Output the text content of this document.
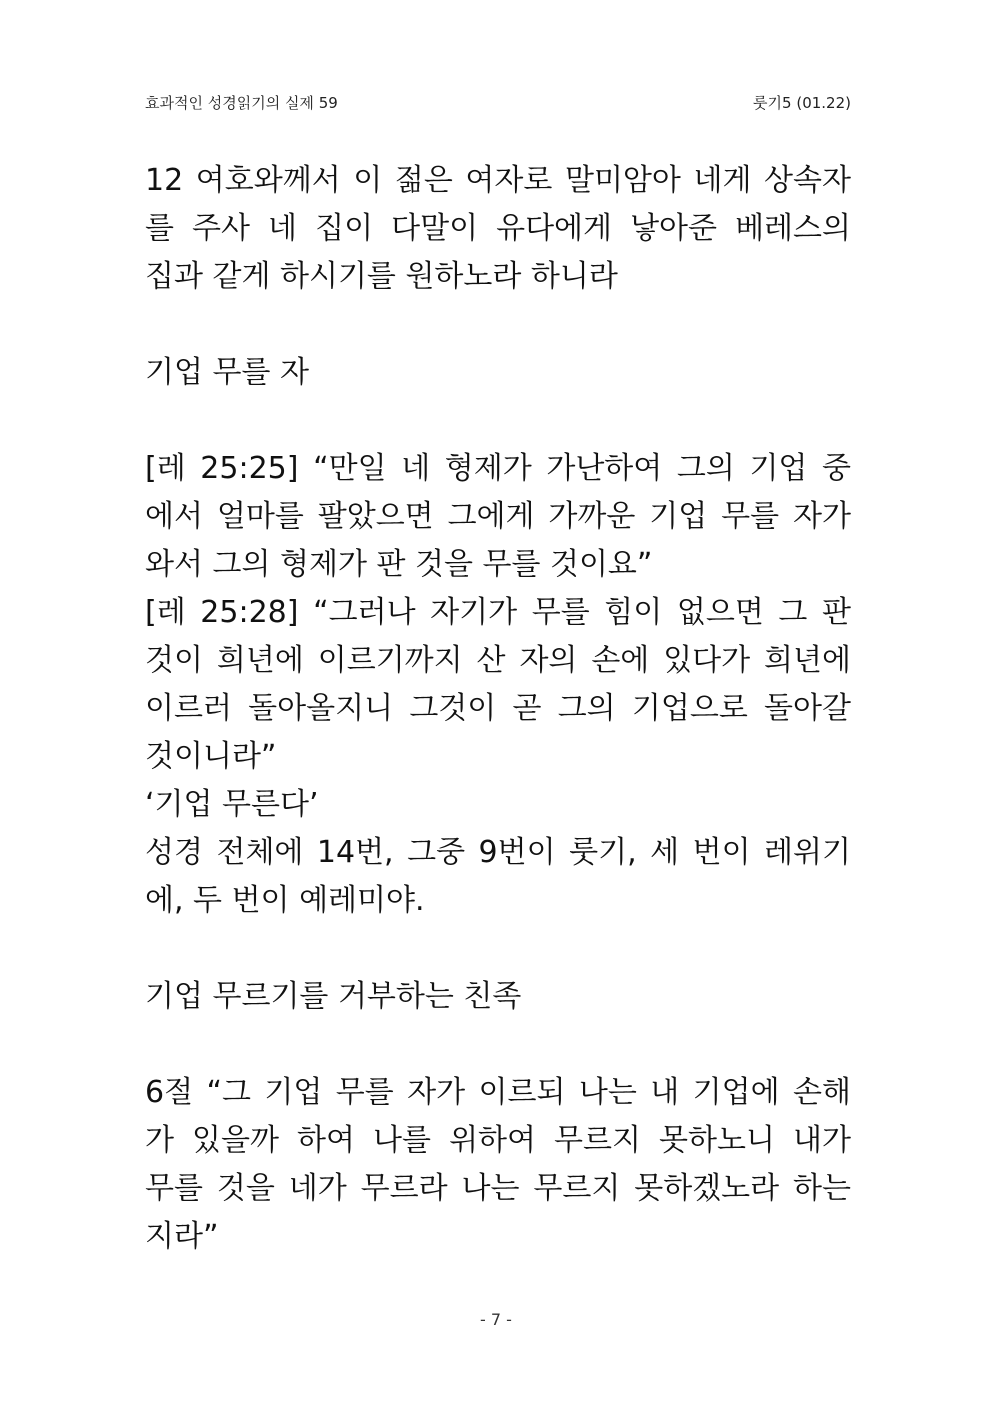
효과적인 성경읽기의 실제 59	룻기5 (01.22)
12 여호와께서 이 젊은 여자로 말미암아 네게 상속자
를 주사 네 집이 다말이 유다에게 낳아준 베레스의
집과 같게 하시기를 원하노라 하니라
기업 무를 자
[레 25:25] “만일 네 형제가 가난하여 그의 기업 중
에서 얼마를 팔았으면 그에게 가까운 기업 무를 자가
와서 그의 형제가 판 것을 무를 것이요”
[레 25:28] “그러나 자기가 무를 힘이 없으면 그 판
것이 희년에 이르기까지 산 자의 손에 있다가 희년에
이르러 돌아올지니 그것이 곧 그의 기업으로 돌아갈
것이니라”
‘기업 무른다’
성경 전체에 14번, 그중 9번이 룻기, 세 번이 레위기
에, 두 번이 예레미야.
기업 무르기를 거부하는 친족
6절 “그 기업 무를 자가 이르되 나는 내 기업에 손해
가 있을까 하여 나를 위하여 무르지 못하노니 내가
무를 것을 네가 무르라 나는 무르지 못하겠노라 하는
지라”
- 7 -
